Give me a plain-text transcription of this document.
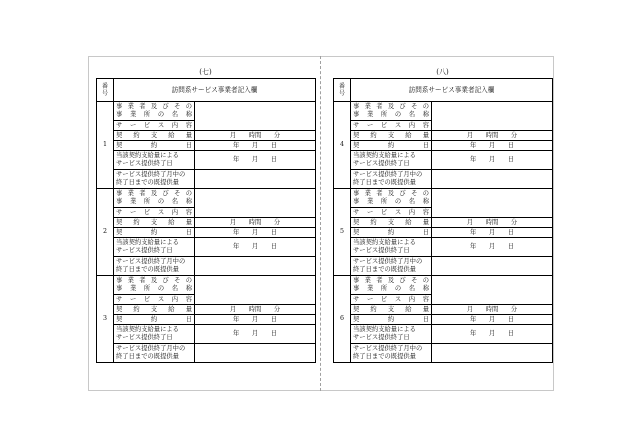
(七)
番
号	訪問系サービス事業者記入欄	
1	事業者及びその
事業所の名称	
	サービス内容	
	契約支給量	月　　時間　　分
	契約日	年　　月　　日
	当該契約支給量による
サービス提供終了日	年　　月　　日
	サービス提供終了月中の
終了日までの既提供量	
2	事業者及びその
事業所の名称	
	サービス内容	
	契約支給量	月　　時間　　分
	契約日	年　　月　　日
	当該契約支給量による
サービス提供終了日	年　　月　　日
	サービス提供終了月中の
終了日までの既提供量	
3	事業者及びその
事業所の名称	
	サービス内容	
	契約支給量	月　　時間　　分
	契約日	年　　月　　日
	当該契約支給量による
サービス提供終了日	年　　月　　日
	サービス提供終了月中の
終了日までの既提供量	
(八)
番
号	訪問系サービス事業者記入欄	
4	事業者及びその
事業所の名称	
	サービス内容	
	契約支給量	月　　時間　　分
	契約日	年　　月　　日
	当該契約支給量による
サービス提供終了日	年　　月　　日
	サービス提供終了月中の
終了日までの既提供量	
5	事業者及びその
事業所の名称	
	サービス内容	
	契約支給量	月　　時間　　分
	契約日	年　　月　　日
	当該契約支給量による
サービス提供終了日	年　　月　　日
	サービス提供終了月中の
終了日までの既提供量	
6	事業者及びその
事業所の名称	
	サービス内容	
	契約支給量	月　　時間　　分
	契約日	年　　月　　日
	当該契約支給量による
サービス提供終了日	年　　月　　日
	サービス提供終了月中の
終了日までの既提供量	
